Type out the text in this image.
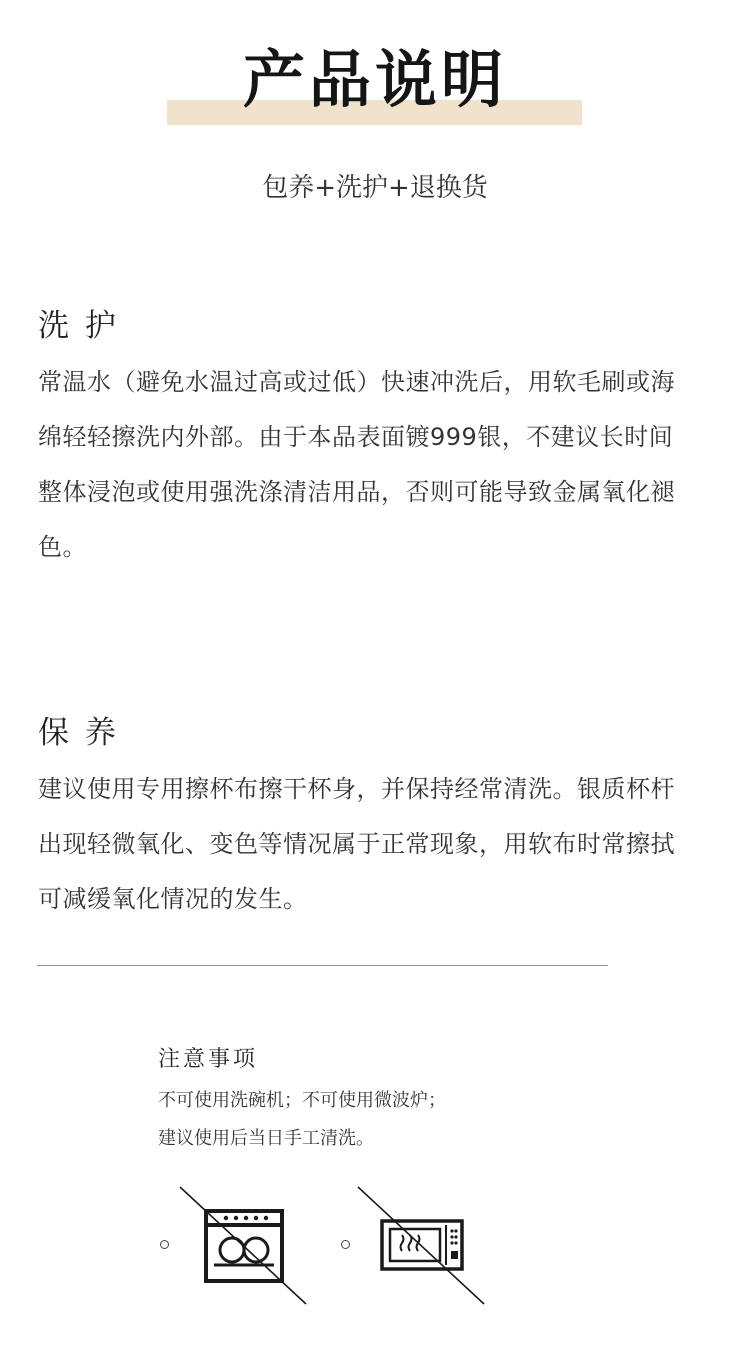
产品说明
包养+洗护+退换货
洗 护

常温水（避免水温过高或过低）快速冲洗后，用软毛刷或海绵轻轻擦洗内外部。由于本品表面镀999银，不建议长时间整体浸泡或使用强洗涤清洁用品，否则可能导致金属氧化褪色。

保 养

建议使用专用擦杯布擦干杯身，并保持经常清洗。银质杯杆出现轻微氧化、变色等情况属于正常现象，用软布时常擦拭可减缓氧化情况的发生。

注意事项
不可使用洗碗机；不可使用微波炉；
建议使用后当日手工清洗。
